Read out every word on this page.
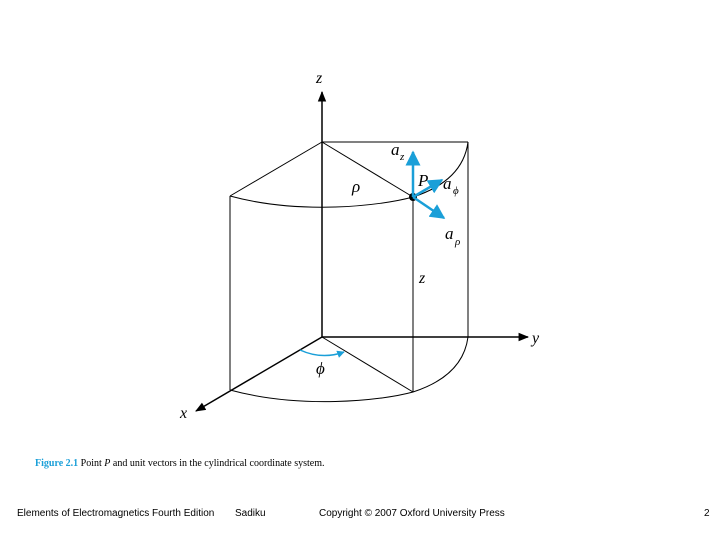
z
y
x
ρ
z
ϕ
P
a z
a ϕ
a ρ
Figure 2.1 Point P and unit vectors in the cylindrical coordinate system.
Elements of Electromagnetics Fourth Edition Sadiku	Copyright © 2007 Oxford University Press	2
